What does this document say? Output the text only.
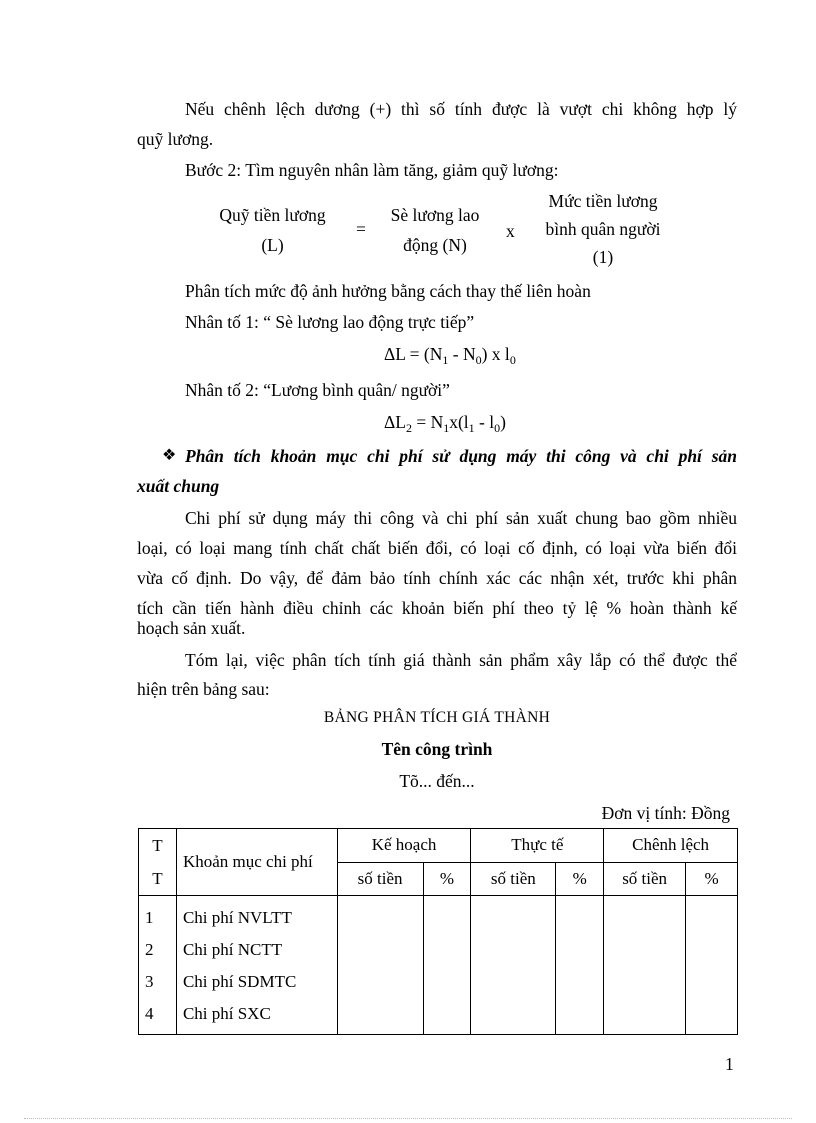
Nếu chênh lệch dương (+) thì số tính được là vượt chi không hợp lý
quỹ lương.
Bước 2: Tìm nguyên nhân làm tăng, giảm quỹ lương:
Quỹ tiền lương
(L)
=
Sè lương lao
động (N)
x
Mức tiền lương
bình quân người
(1)
Phân tích mức độ ảnh hưởng bằng cách thay thế liên hoàn
Nhân tố 1: “ Sè lương lao động trực tiếp”
$\Delta L = (N_1 - N_0)$ x $l_0$
Nhân tố 2: “Lương bình quân/ người”
$\Delta L_2 = N_1x(l_1 - l_0)$
❖ Phân tích khoản mục chi phí sử dụng máy thi công và chi phí sản
xuất chung
Chi phí sử dụng máy thi công và chi phí sản xuất chung bao gồm nhiều
loại, có loại mang tính chất chất biến đổi, có loại cố định, có loại vừa biến đổi
vừa cố định. Do vậy, để đảm bảo tính chính xác các nhận xét, trước khi phân
tích cần tiến hành điều chỉnh các khoản biến phí theo tỷ lệ % hoàn thành kế
hoạch sản xuất.
Tóm lại, việc phân tích tính giá thành sản phẩm xây lắp có thể được thể
hiện trên bảng sau:
BẢNG PHÂN TÍCH GIÁ THÀNH
Tên công trình
Tõ... đến...
Đơn vị tính: Đồng
T
T	Khoản mục chi phí	Kế hoạch		Thực tế		Chênh lệch	
		số tiền	%	số tiền	%	số tiền	%
1	Chi phí NVLTT						
2	Chi phí NCTT						
3	Chi phí SDMTC						
4	Chi phí SXC						
1
